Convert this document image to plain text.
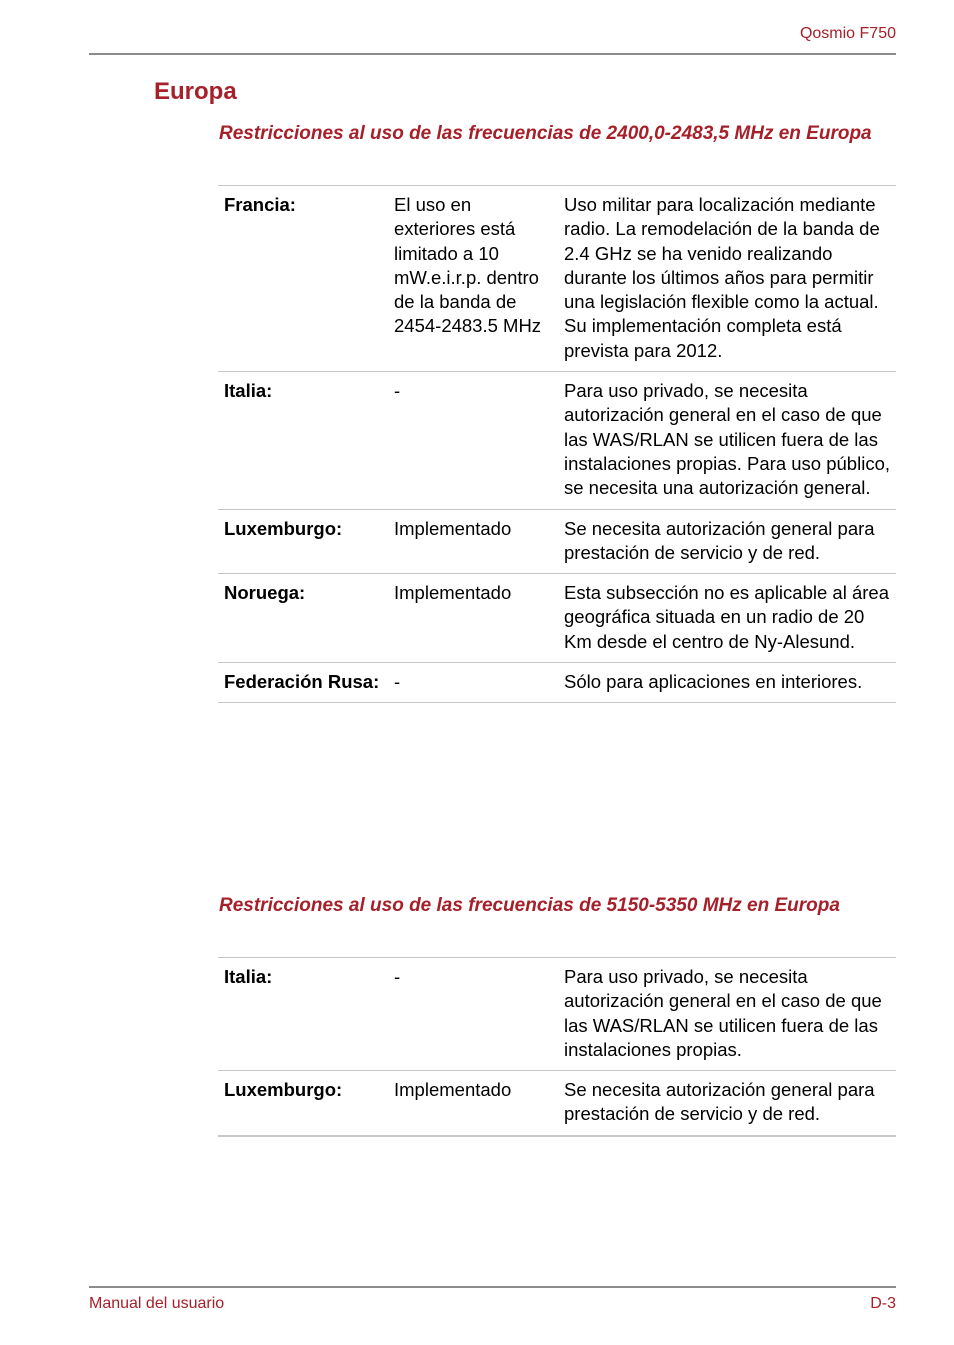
Qosmio F750
Europa
Restricciones al uso de las frecuencias de 2400,0-2483,5 MHz en Europa
Francia:	El uso en exteriores está limitado a 10 mW.e.i.r.p. dentro de la banda de 2454-2483.5 MHz	Uso militar para localización mediante radio. La remodelación de la banda de 2.4 GHz se ha venido realizando durante los últimos años para permitir una legislación flexible como la actual. Su implementación completa está prevista para 2012.
Italia:	-	Para uso privado, se necesita autorización general en el caso de que las WAS/RLAN se utilicen fuera de las instalaciones propias. Para uso público, se necesita una autorización general.
Luxemburgo:	Implementado	Se necesita autorización general para prestación de servicio y de red.
Noruega:	Implementado	Esta subsección no es aplicable al área geográfica situada en un radio de 20 Km desde el centro de Ny-Alesund.
Federación Rusa:	-	Sólo para aplicaciones en interiores.
Restricciones al uso de las frecuencias de 5150-5350 MHz en Europa
Italia:	-	Para uso privado, se necesita autorización general en el caso de que las WAS/RLAN se utilicen fuera de las instalaciones propias.
Luxemburgo:	Implementado	Se necesita autorización general para prestación de servicio y de red.
Manual del usuario	D-3
